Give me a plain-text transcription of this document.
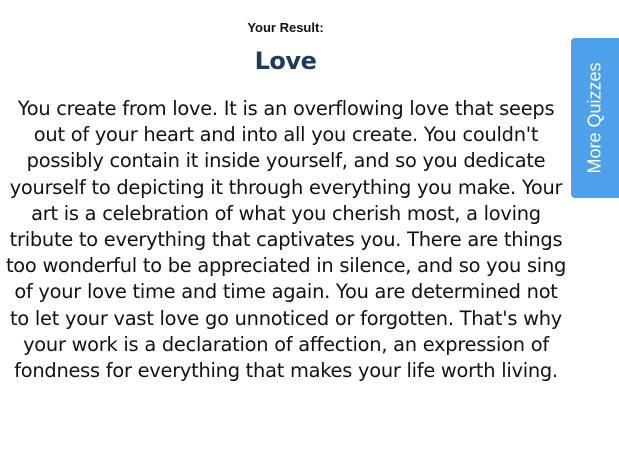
Your Result:
Love

You create from love. It is an overflowing love that seeps out of your heart and into all you create. You couldn't possibly contain it inside yourself, and so you dedicate yourself to depicting it through everything you make. Your art is a celebration of what you cherish most, a loving tribute to everything that captivates you. There are things too wonderful to be appreciated in silence, and so you sing of your love time and time again. You are determined not to let your vast love go unnoticed or forgotten. That's why your work is a declaration of affection, an expression of fondness for everything that makes your life worth living.

More Quizzes
